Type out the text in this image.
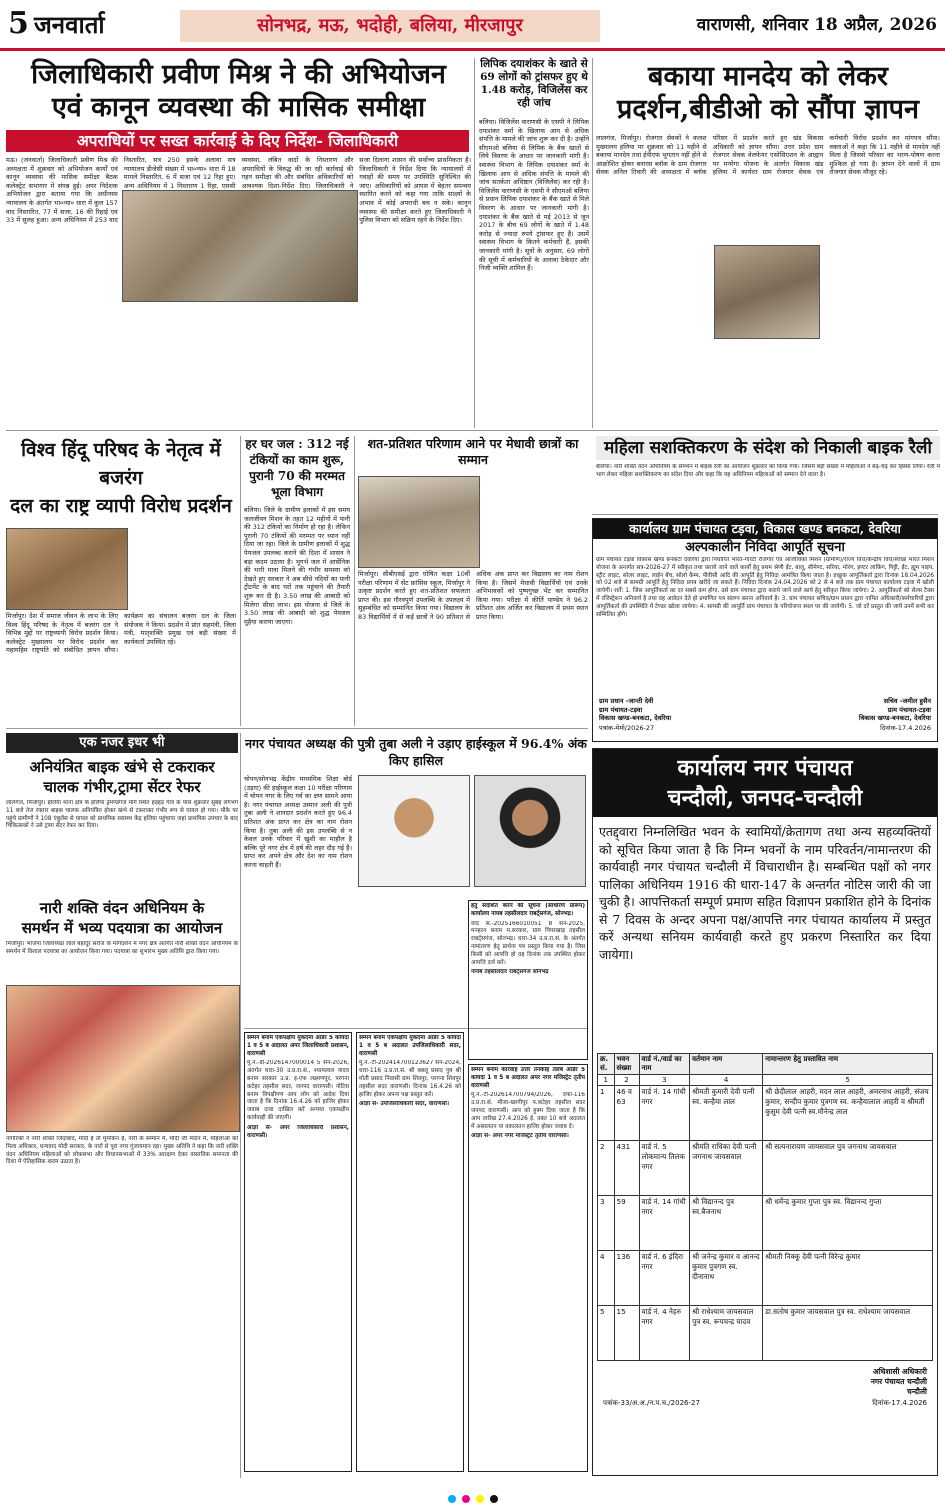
5 जनवार्ता	सोनभद्र, मऊ, भदोही, बलिया, मीरजापुर	वाराणसी, शनिवार 18 अप्रैल, 2026
जिलाधिकारी प्रवीण मिश्र ने की अभियोजन
एवं कानून व्यवस्था की मासिक समीक्षा
अपराधियों पर सख्त कार्रवाई के दिए निर्देश- जिलाधिकारी
मऊ। (जनवार्ता) जिलाधिकारी प्रवीण मिश्र की अध्यक्षता में शुक्रवार को अभियोजन कार्यों एवं कानून व्यवस्था की मासिक समीक्षा बैठक कलेक्ट्रेट सभागार में संपन्न हुई। अपर निदेशक अभियोजन द्वारा बताया गया कि अधीनस्थ न्यायालय के अंतर्गत भा०न्या० धारा में कुल 157 वाद निस्तारित, 77 में सजा, 16 की रिहाई एवं 33 में सुलह हुआ। अन्य अधिनियम में 253 वाद निस्तारित, सत्र 250 इसके अलावा सत्र न्यायालय डीजेसी संख्या में भा०न्या० धारा में 18 मामले निस्तारित, 6 में सजा एवं 12 रिहा हुए। अन्य अधिनियम में 1 निस्तारण 1 रिहा, एससी व्यवस्था, लंबित वादों के निस्तारण और अपराधियों के विरुद्ध की जा रही कार्रवाई की गहन समीक्षा की और संबंधित अधिकारियों को आवश्यक दिशा-निर्देश दिए। जिलाधिकारी ने सजा दिलाना शासन की सर्वोच्च प्राथमिकता है। जिलाधिकारी ने निर्देश दिया कि न्यायालयों में गवाहों की समय पर उपस्थिति सुनिश्चित की जाए। अधिकारियों को आपस में बेहतर समन्वय स्थापित करने को कहा गया ताकि साक्ष्यों के अभाव में कोई अपराधी बच न सके। कानून व्यवस्था की समीक्षा करते हुए जिलाधिकारी ने पुलिस विभाग को सक्रिय रहने के निर्देश दिए।
लिपिक दयाशंकर के खाते से 69 लोगों को ट्रांसफर हुए थे 1.48 करोड़, विजिलेंस कर रही जांच
बलिया। विजिलेंस वाराणसी के एसपी ने लिपिक दयाशंकर वर्मा के खिलाफ आय से अधिक संपत्ति के मामले की जांच शुरू कर दी है। उन्होंने सीएमओ बलिया से लिपिक के बैंक खातों से लिये विवरण के आधार पर जानकारी मांगी है। स्वास्थ्य विभाग के लिपिक दयाशंकर वर्मा के खिलाफ आय से अधिक संपत्ति के मामले की जांच सतर्कता अधिष्ठान (विजिलेंस) कर रही है। विजिलेंस वाराणसी के एसपी ने सीएमओ बलिया से प्रधान लिपिक दयाशंकर के बैंक खाते से मिले विवरण के आधार पर जानकारी मांगी है। दयाशंकर के बैंक खाते से मई 2013 से जून 2017 के बीच 69 लोगों के खाते में 1.48 करोड़ से ज्यादा रुपये ट्रांसफर हुए हैं। उसमें स्वास्थ्य विभाग के कितने कर्मचारी हैं, इसकी जानकारी मांगी है। सूत्रों के अनुसार, 69 लोगों की सूची में कर्मचारियों के अलावा ठेकेदार और निजी व्यक्ति शामिल हैं।
बकाया मानदेय को लेकर
प्रदर्शन,बीडीओ को सौंपा ज्ञापन
लालगंज, मिर्जापुर। रोजगार सेवकों ने कलश मुख्यालय हलिया पर शुक्रवार को 11 महीने से बकाया मानदेय तथा ईपीएफ भुगतान नहीं होने से आक्रोशित होकर बनारस ब्लॉक के ग्राम रोजगार सेवक अनिल तिवारी की अध्यक्षता में ब्लॉक परिसर में प्रदर्शन करते हुए खंड विकास अधिकारी को ज्ञापन सौंपा। उत्तर प्रदेश ग्राम रोजगार सेवक वेलफेयर एसोसिएशन के आह्वान पर मनरेगा योजना के अंतर्गत विकास खंड हलिया में कार्यरत ग्राम रोजगार सेवक एवं कर्मचारी विरोध प्रदर्शन कर मांगपत्र सौंपा। वक्ताओं ने कहा कि 11 महीने से मानदेय नहीं मिला है जिससे परिवार का भरण-पोषण करना मुश्किल हो गया है। ज्ञापन देने वालों में ग्राम रोजगार सेवक मौजूद रहे।
महिला सशक्तिकरण के संदेश को निकाली बाइक रैली
बलिया। नारी शक्ति वंदन अधिनियम के समर्थन में बाइक रैली का आयोजन शुक्रवार को किया गया। जिसमें बड़ी संख्या में महिलाओं ने बढ़-चढ़ कर हिस्सा लिया। रैली में भाग लेकर महिला सशक्तिकरण का संदेश दिया और कहा कि यह अधिनियम महिलाओं को सम्मान देने वाला है।
विश्व हिंदू परिषद के नेतृत्व में बजरंग
दल का राष्ट्र व्यापी विरोध प्रदर्शन
मिर्जापुर। देश में समाज जीवन के लाभ के लिए विश्व हिंदू परिषद के नेतृत्व में बजरंग दल ने विभिन्न मुद्दों पर राष्ट्रव्यापी विरोध प्रदर्शन किया। कलेक्ट्रेट मुख्यालय पर विरोध प्रदर्शन कर महामहिम राष्ट्रपति को संबोधित ज्ञापन सौंपा। कार्यक्रम का संचालन बजरंग दल के जिला संयोजक ने किया। प्रदर्शन में प्रांत सहमंत्री, जिला मंत्री, मातृशक्ति प्रमुख एवं बड़ी संख्या में कार्यकर्ता उपस्थित रहे।
हर घर जल : 312 नई टंकियों का काम शुरू, पुरानी 70 की मरम्मत भूला विभाग
बलिया। जिले के ग्रामीण इलाकों में इस समय जलजीवन मिशन के तहत 12 महीनों में पानी की 312 टंकियों का निर्माण हो रहा है। लेकिन पुरानी 70 टंकियों की मरम्मत पर ध्यान नहीं दिया जा रहा। जिले के ग्रामीण इलाकों में शुद्ध पेयजल उपलब्ध कराने की दिशा में शासन ने बड़ा कदम उठाया है। भूगर्भ जल में आर्सेनिक की भारी मात्रा मिलने की गंभीर समस्या को देखते हुए सरकार ने अब सीधे नदियों का पानी ट्रीटमेंट के बाद घरों तक पहुंचाने की तैयारी शुरू कर दी है। 3.50 लाख की आबादी को मिलेगा सीधा लाभ। इस योजना से जिले के 3.50 लाख की आबादी को शुद्ध पेयजल मुहैया कराया जाएगा।
शत-प्रतिशत परिणाम आने पर मेधावी छात्रों का सम्मान
मिर्जापुर। सीबीएसई द्वारा घोषित कक्षा 10वीं परीक्षा परिणाम में सेंट फ्रांसिस स्कूल, मिर्जापुर ने उत्कृष्ट प्रदर्शन करते हुए शत-प्रतिशत सफलता प्राप्त की। इस गौरवपूर्ण उपलब्धि के उपलक्ष्य में सुहम्बंधित को सम्मानित किया गया। विद्यालय के 83 विद्यार्थियों में से कई छात्रों ने 90 प्रतिशत से अधिक अंक प्राप्त कर विद्यालय का नाम रोशन किया है। जिसमें मेधावी विद्यार्थियों एवं उनके अभिभावकों को पुष्पगुच्छ भेंट कर सम्मानित किया गया। परीक्षा में कीर्ति पाण्डेय ने 96.2 प्रतिशत अंक अर्जित कर विद्यालय में प्रथम स्थान प्राप्त किया।
एक नजर इधर भी
अनियंत्रित बाइक खंभे से टकराकर
चालक गंभीर,ट्रामा सेंटर रेफर
लालगंज, मिर्जापुर। हलिया थाना क्षेत्र के हलिया ड्रमण्डगंज मार्ग स्थित हड़हड़ गांव के पास शुक्रवार सुबह लगभग 11 बजे तेज रफ्तार बाइक चालक अनियंत्रित होकर खंभे से टकराकर गंभीर रूप से घायल हो गया। मौके पर पहुंचे ग्रामीणों ने 108 एंबुलेंस से घायल को प्राथमिक स्वास्थ्य केंद्र हलिया पहुंचाया जहां प्राथमिक उपचार के बाद चिकित्सकों ने उसे ट्रामा सेंटर रेफर कर दिया।
नारी शक्ति वंदन अधिनियम के
समर्थन में भव्य पदयात्रा का आयोजन
मिर्जापुर। भाजपा जिलाध्यक्ष लाल बहादुर सरोज के मार्गदर्शन में नगर क्षेत्र अंतर्गत नारी शक्ति वंदन अधिनियम के समर्थन में विशाल पदयात्रा का आयोजन किया गया। पदयात्रा का शुभारंभ मुख्य अतिथि द्वारा किया गया।
नागरिकों ने नारी शक्ति जिंदाबाद, मोदी है तो मुमकिन है, नारी के सम्मान में, मोदी जी मैदान में, महिलाओं को मिला अधिकार, धन्यवाद मोदी सरकार, के नारों से पूरा नगर गुंजायमान रहा। मुख्य अतिथि ने कहा कि नारी शक्ति वंदन अधिनियम महिलाओं को लोकसभा और विधानसभाओं में 33% आरक्षण देकर वास्तविक समानता की दिशा में ऐतिहासिक कदम उठाता है।
नगर पंचायत अध्यक्ष की पुत्री तुबा अली ने उड़ाए हाईस्कूल में 96.4% अंक किए हासिल
चोपन/सोनभद्र केंद्रीय माध्यमिक शिक्षा बोर्ड (उड़ाए) की हाईस्कूल कक्षा 10 परीक्षा परिणाम में चोपन नगर के लिए गर्व का क्षण सामने आया है। नगर पंचायत अध्यक्ष उस्मान अली की पुत्री तुबा अली ने शानदार प्रदर्शन करते हुए 96.4 प्रतिशत अंक प्राप्त कर क्षेत्र का नाम रोशन किया है। तुबा अली की इस उपलब्धि से न केवल उनके परिवार में खुशी का माहौल है बल्कि पूरे नगर क्षेत्र में हर्ष की लहर दौड़ गई है। प्राप्त कर अपने क्षेत्र और देश का नाम रोशन करना चाहती हैं।
सम्मन बनाम एकपक्षीय मुकदमा आर्डर 5 कायदा 1 व 5 ब अदालत अपर जिलाधिकारी प्रशासन, वाराणसी
मु.नं.-डी-2026147000014 5 सन-2026, अंतर्गत धारा-30 उ.प्र.रा.सं., श्यामलाल यादव बनाम सरकार उ.प्र. इ-एफ लक्ष्मणपुर, परगना कटेहर तहसील सदर, जनपद वाराणसी। नोटिस बनाम विपक्षीगण आप लोग को आदेश दिया जाता है कि दिनांक 16.4.26 को हाजिर होकर जवाब दावा दाखिल करें अन्यथा एकपक्षीय कार्यवाही की जाएगी।
आज्ञा से- अपर जिलाधिकारी प्रशासन, वाराणसी।
सम्मन बनाम एकपक्षीय मुकदमा आर्डर 5 कायदा 1 व 5 ब अदालत उपजिलाधिकारी सदर, वाराणसी
मु.नं.-टी-202414700123627 सन-2024, धारा-116 उ.प्र.रा.सं. श्री बबलू प्रसाद पुत्र श्री मोती प्रसाद निवासी ग्राम शिवपुर, परगना शिवपुर तहसील सदर वाराणसी। दिनांक 16.4.26 को हाजिर होकर अपना पक्ष प्रस्तुत करें।
आज्ञा से- उपजिलाधिकारी सदर, वाराणसी।
हेतु संदर्शित करने की सूचना (साधारण प्रारूप) कार्यालय नायब तहसीलदार राबर्ट्सगंज, सोनभद्र।
वाद सं.-2025166010051 8 सन-2025, मनहरन बनाम म.सरकार, ग्राम पिपरखाड़ तहसील राबर्ट्सगंज, सोनभद्र। धारा-34 उ.प्र.रा.सं. के अंतर्गत नामांतरण हेतु प्रार्थना पत्र प्रस्तुत किया गया है। जिस किसी को आपत्ति हो वह दिनांक तक उपस्थित होकर आपत्ति दर्ज करें।
नायब तहसीलदार राबर्ट्सगंज सोनभद्र
सम्मन बनाम कारवाह उत्तर तनकीह तलब आर्डर 5 कायदा 1 व 5 ब अदालत अपर नगर मजिस्ट्रेट तृतीय वाराणसी
मु.नं.-टी-202614700794/2026, दफा-116 उ.प्र.रा.सं. मौजा-खरगीपुर प.कटेहर तहसील सदर जनपद वाराणसी। आप को हुक्म दिया जाता है कि आप तारीख 27.4.2026 ई. वक्त 10 बजे अदालत में असालतन या वकालतन हाजिर होकर जवाब दें।
आज्ञा से- अपर नगर मजिस्ट्रेट तृतीय वाराणसी।
कार्यालय ग्राम पंचायत टड़वा, विकास खण्ड बनकटा, देवरिया
अल्पकालीन निविदा आपूर्ति सूचना
ग्राम पंचायत टड़वा विकास खण्ड बनकटा देवरिया द्वारा निर्धारित भारत-गारंटी रोजगार एवं आजीविका मिशन (ग्रामीण)/राज्य वित्त/केन्द्रीय वित्त/स्वच्छ भारत मिशन योजना के अन्तर्गत सत्र-2026-27 में स्वीकृत तथा कराये जाने वाले कार्यों हेतु प्रथम श्रेणी ईंट, बालू, सीमेण्ट, सरिया, मोरंग, इण्टर लाकिंग, गिट्टी, ईंट, ह्यूम पाइप, स्ट्रीट लाइट, सोलर लाइट, लाईन बेंच, सोलो कैम्प, पीवीसी आदि की आपूर्ति हेतु निविदा आमंत्रित किया जाता है। इच्छुक आपूर्तिकर्ता द्वारा दिनांक 18.04.2026 को 02 बजे से सामग्री आपूर्ति हेतु निविदा प्रपत्र खरीदे जा सकते हैं। निविदा दिनांक 24.04.2026 को 2 से 4 बजे तक ग्राम पंचायत कार्यालय टड़वा में खोली जायेगी। शर्तें: 1. जिस आपूर्तिकर्ता का दर सबसे कम होगा, उसे ग्राम पंचायत द्वारा कराये जाने वाले कार्य हेतु स्वीकृत किया जायेगा। 2. आपूर्तिकर्ता को सेल्स टैक्स में रजिस्ट्रेशन अनिवार्य है तथा वह आवेदन देते हो प्रमाणित पत्र संलग्न करना अनिवार्य है। 3. ग्राम पंचायत सचिव/ग्राम प्रधान द्वारा नामित अधिकारी/कर्मचारियों द्वारा आपूर्तिकर्ता की उपस्थिति में टेण्डर खोला जायेगा। 4. सामग्री की आपूर्ति ग्राम पंचायत के परियोजना स्थल पर की जायेगी। 5. जो दरें प्रस्तुत की जायें उनमें सभी कर सम्मिलित होंगे।
ग्राम प्रधान -जान्ती देवी
ग्राम पंचायत-टड़वा
विकास खण्ड-बनकटा, देवरिया
सचिव -जमील हुसैन
ग्राम पंचायत-टड़वा
विकास खण्ड-बनकटा, देवरिया
पत्रांक-मेमो/2026-27	दिनांक-17.4.2026
कार्यालय नगर पंचायत
चन्दौली, जनपद-चन्दौली
एतद्द्वारा निम्नलिखित भवन के स्वामियों/क्रेतागण तथा अन्य सहव्यक्तियों को सूचित किया जाता है कि निम्न भवनों के नाम परिवर्तन/नामान्तरण की कार्यवाही नगर पंचायत चन्दौली में विचाराधीन है। सम्बन्धित पक्षों को नगर पालिका अधिनियम 1916 की धारा-147 के अन्तर्गत नोटिस जारी की जा चुकी है। आपत्तिकर्ता सम्पूर्ण प्रमाण सहित विज्ञापन प्रकाशित होने के दिनांक से 7 दिवस के अन्दर अपना पक्ष/आपत्ति नगर पंचायत कार्यालय में प्रस्तुत करें अन्यथा सनियम कार्यवाही करते हुए प्रकरण निस्तारित कर दिया जायेगा।
क्र. सं.	भवन संख्या	वार्ड नं./वार्ड का नाम	वर्तमान नाम	नामान्तरण हेतु प्रस्तावित नाम
1	2	3	4	5
1	46 व 63	वार्ड नं. 14 गांधी नगर	श्रीमती कुमारी देवी पत्नी स्व. कन्हैया लाल	श्री छेदीलाल आहरी, मदन लाल आहरी, अमरनाथ आहरी, संजय कुमार, सन्दीप कुमार पुत्रगण स्व. कन्हैयालाल आहरी व श्रीमती कुसुम देवी पत्नी स्व.मौनेन्द्र लाल
2	431	वार्ड नं. 5 लोकमान्य तिलक नगर	श्रीमति राधिका देवी पत्नी जगनाथ जायसवाल	श्री सत्यनारायण जायसवाल पुत्र जगनाथ जायसवाल
3	59	वार्ड नं. 14 गांधी नगर	श्री विद्यानन्द पुत्र स्व.बैजनाथ	श्री धर्मेन्द्र कुमार गुप्ता पुत्र स्व. विद्यानन्द गुप्ता
4	136	वार्ड नं. 6 इंदिरा नगर	श्री जनेन्द्र कुमार व आनन्द कुमार पुत्रगण स्व. दीनानाथ	श्रीमती निक्कू देवी पत्नी विरेन्द्र कुमार
5	15	वार्ड नं. 4 नेहरु नगर	श्री राधेश्याम जायसवाल पुत्र स्व. रूपचन्द्र यादव	डा.सतोष कुमार जायसवाल पुत्र स्व. राधेश्याम जायसवाल
अधिशासी अधिकारी
नगर पंचायत चन्दौली
चन्दौली
पत्रांक-33/अ.अ./न.प.च./2026-27	दिनांक-17.4.2026
